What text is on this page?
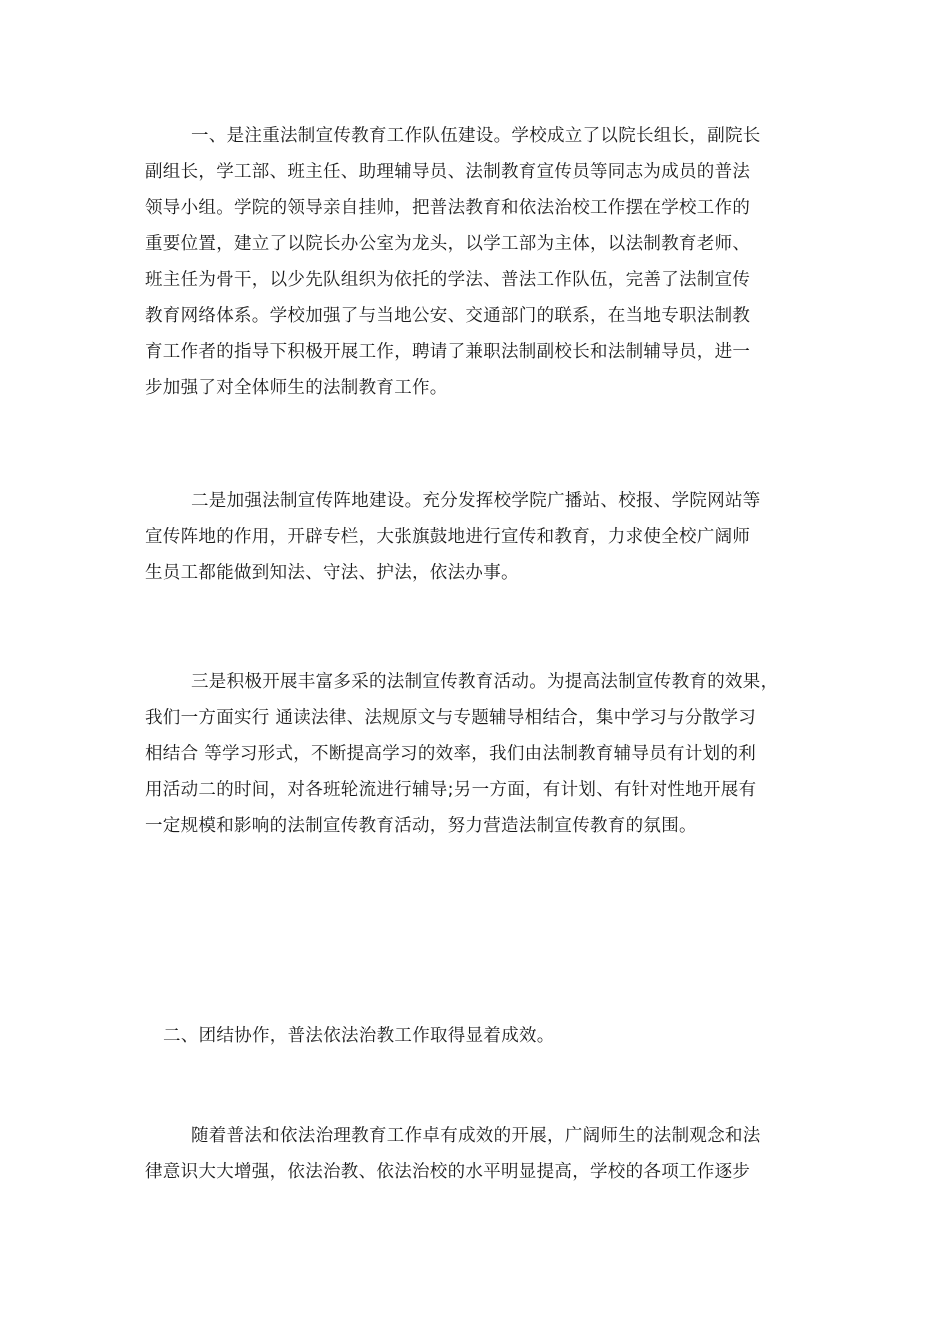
一、是注重法制宣传教育工作队伍建设。学校成立了以院长组长，副院长
副组长，学工部、班主任、助理辅导员、法制教育宣传员等同志为成员的普法
领导小组。学院的领导亲自挂帅，把普法教育和依法治校工作摆在学校工作的
重要位置，建立了以院长办公室为龙头，以学工部为主体，以法制教育老师、
班主任为骨干，以少先队组织为依托的学法、普法工作队伍，完善了法制宣传
教育网络体系。学校加强了与当地公安、交通部门的联系，在当地专职法制教
育工作者的指导下积极开展工作，聘请了兼职法制副校长和法制辅导员，进一
步加强了对全体师生的法制教育工作。

二是加强法制宣传阵地建设。充分发挥校学院广播站、校报、学院网站等
宣传阵地的作用，开辟专栏，大张旗鼓地进行宣传和教育，力求使全校广阔师
生员工都能做到知法、守法、护法，依法办事。

三是积极开展丰富多采的法制宣传教育活动。为提高法制宣传教育的效果，
我们一方面实行 通读法律、法规原文与专题辅导相结合，集中学习与分散学习
相结合 等学习形式，不断提高学习的效率，我们由法制教育辅导员有计划的利
用活动二的时间，对各班轮流进行辅导;另一方面，有计划、有针对性地开展有
一定规模和影响的法制宣传教育活动，努力营造法制宣传教育的氛围。

二、团结协作，普法依法治教工作取得显着成效。

随着普法和依法治理教育工作卓有成效的开展，广阔师生的法制观念和法
律意识大大增强，依法治教、依法治校的水平明显提高，学校的各项工作逐步
